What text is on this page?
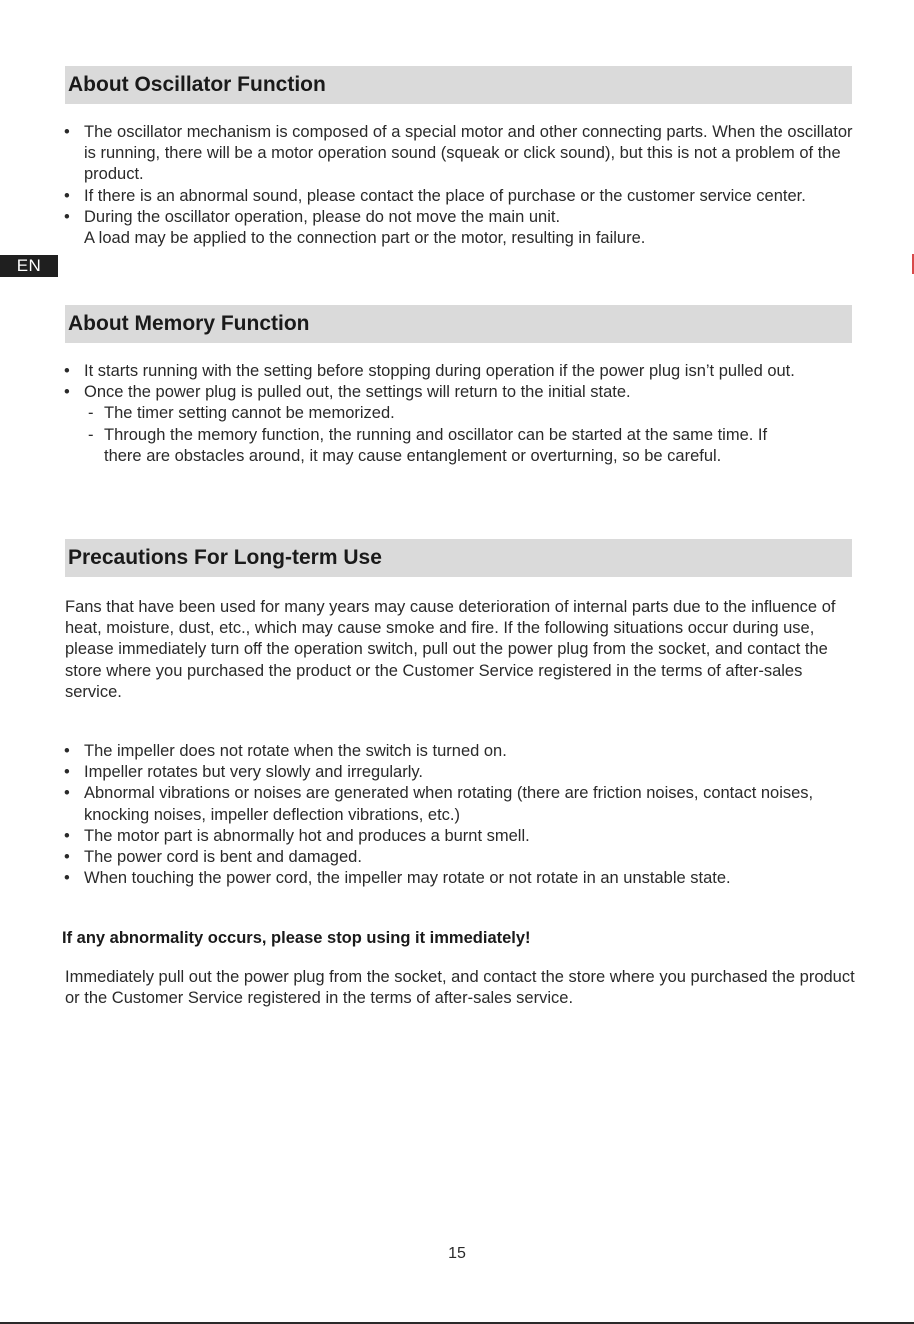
EN
About Oscillator Function
• The oscillator mechanism is composed of a special motor and other connecting parts. When the oscillator is running, there will be a motor operation sound (squeak or click sound), but this is not a problem of the product.
• If there is an abnormal sound, please contact the place of purchase or the customer service center.
• During the oscillator operation, please do not move the main unit.
A load may be applied to the connection part or the motor, resulting in failure.
About Memory Function
• It starts running with the setting before stopping during operation if the power plug isn’t pulled out.
• Once the power plug is pulled out, the settings will return to the initial state.
- The timer setting cannot be memorized.
- Through the memory function, the running and oscillator can be started at the same time. If there are obstacles around, it may cause entanglement or overturning, so be careful.
Precautions For Long-term Use

Fans that have been used for many years may cause deterioration of internal parts due to the influence of heat, moisture, dust, etc., which may cause smoke and fire. If the following situations occur during use, please immediately turn off the operation switch, pull out the power plug from the socket, and contact the store where you purchased the product or the Customer Service registered in the terms of after-sales service.

• The impeller does not rotate when the switch is turned on.
• Impeller rotates but very slowly and irregularly.
• Abnormal vibrations or noises are generated when rotating (there are friction noises, contact noises, knocking noises, impeller deflection vibrations, etc.)
• The motor part is abnormally hot and produces a burnt smell.
• The power cord is bent and damaged.
• When touching the power cord, the impeller may rotate or not rotate in an unstable state.

If any abnormality occurs, please stop using it immediately!

Immediately pull out the power plug from the socket, and contact the store where you purchased the product or the Customer Service registered in the terms of after-sales service.

15
